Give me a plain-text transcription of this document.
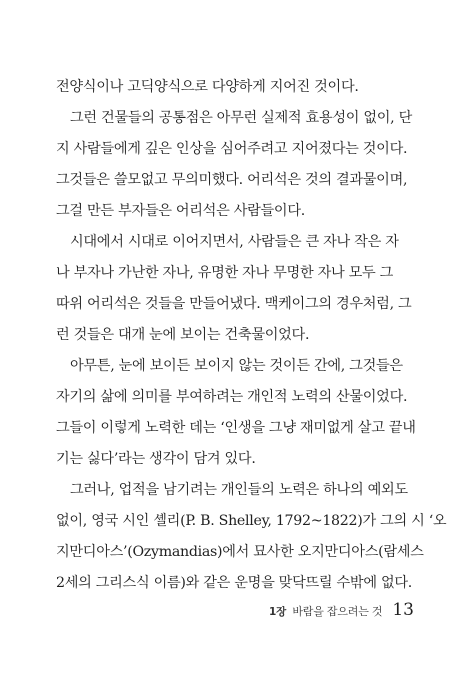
전양식이나 고딕양식으로 다양하게 지어진 것이다.
그런 건물들의 공통점은 아무런 실제적 효용성이 없이, 단
지 사람들에게 깊은 인상을 심어주려고 지어졌다는 것이다.
그것들은 쓸모없고 무의미했다. 어리석은 것의 결과물이며,
그걸 만든 부자들은 어리석은 사람들이다.
시대에서 시대로 이어지면서, 사람들은 큰 자나 작은 자
나 부자나 가난한 자나, 유명한 자나 무명한 자나 모두 그
따위 어리석은 것들을 만들어냈다. 맥케이그의 경우처럼, 그
런 것들은 대개 눈에 보이는 건축물이었다.
아무튼, 눈에 보이든 보이지 않는 것이든 간에, 그것들은
자기의 삶에 의미를 부여하려는 개인적 노력의 산물이었다.
그들이 이렇게 노력한 데는 ‘인생을 그냥 재미없게 살고 끝내
기는 싫다’라는 생각이 담겨 있다.
그러나, 업적을 남기려는 개인들의 노력은 하나의 예외도
없이, 영국 시인 셸리(P. B. Shelley, 1792~1822)가 그의 시 ‘오
지만디아스’(Ozymandias)에서 묘사한 오지만디아스(람세스
2세의 그리스식 이름)와 같은 운명을 맞닥뜨릴 수밖에 없다.
1장 바람을 잡으려는 것 13
